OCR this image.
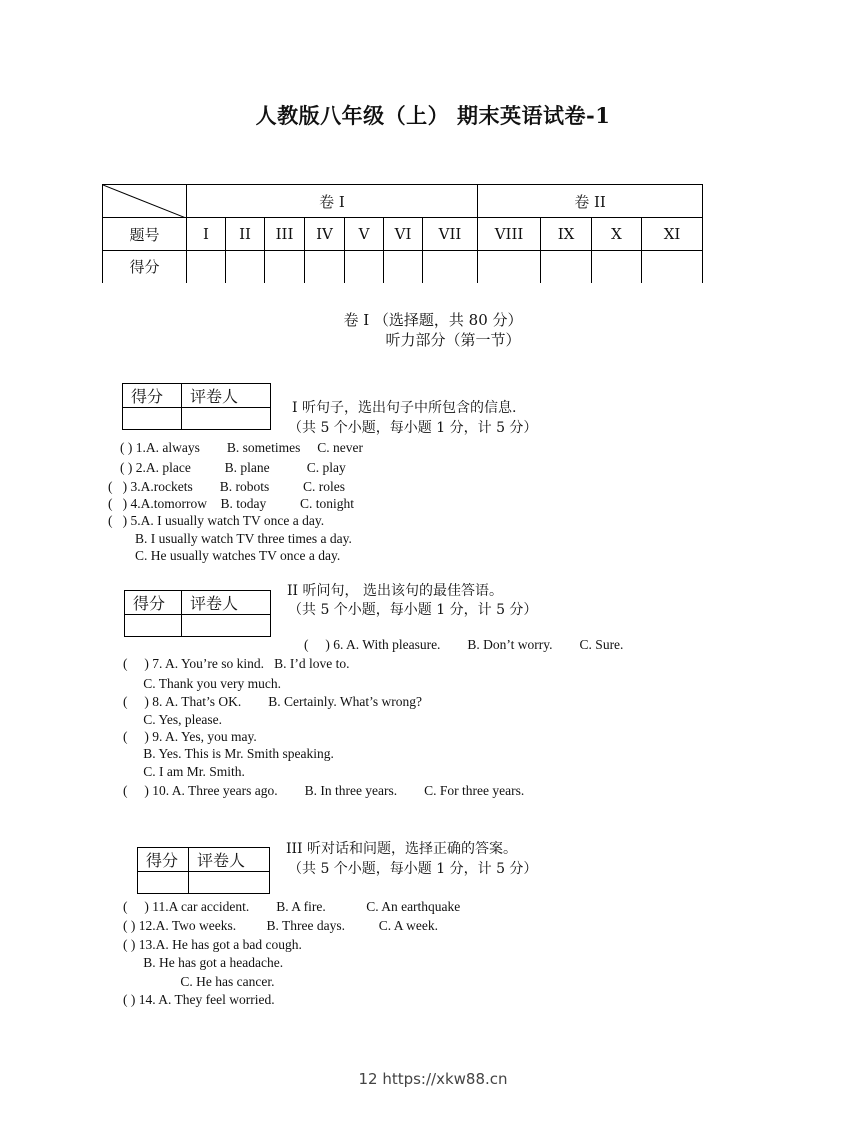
人教版八年级（上） 期末英语试卷-1
	卷 I							卷 II			
题号	I	II	III	IV	V	VI	VII	VIII	IX	X	XI
得分											
卷 I （选择题，共 80 分）
听力部分（第一节）
得分	评卷人

I 听句子，选出句子中所包含的信息.
（共 5 个小题，每小题 1 分，计 5 分）
( ) 1.A. always        B. sometimes     C. never
( ) 2.A. place          B. plane           C. play
(   ) 3.A.rockets        B. robots          C. roles
(   ) 4.A.tomorrow    B. today          C. tonight
(   ) 5.A. I usually watch TV once a day.
B. I usually watch TV three times a day.
C. He usually watches TV once a day.
II 听问句， 选出该句的最佳答语。
（共 5 个小题，每小题 1 分，计 5 分）
得分	评卷人

(     ) 6. A. With pleasure.        B. Don’t worry.        C. Sure.
(     ) 7. A. You’re so kind.   B. I’d love to.
C. Thank you very much.
(     ) 8. A. That’s OK.        B. Certainly. What’s wrong?
C. Yes, please.
(     ) 9. A. Yes, you may.
B. Yes. This is Mr. Smith speaking.
C. I am Mr. Smith.
(     ) 10. A. Three years ago.        B. In three years.        C. For three years.
III 听对话和问题，选择正确的答案。
（共 5 个小题，每小题 1 分，计 5 分）
得分	评卷人

(     ) 11.A car accident.        B. A fire.            C. An earthquake
( ) 12.A. Two weeks.         B. Three days.          C. A week.
( ) 13.A. He has got a bad cough.
B. He has got a headache.
C. He has cancer.
( ) 14. A. They feel worried.
12 https://xkw88.cn
